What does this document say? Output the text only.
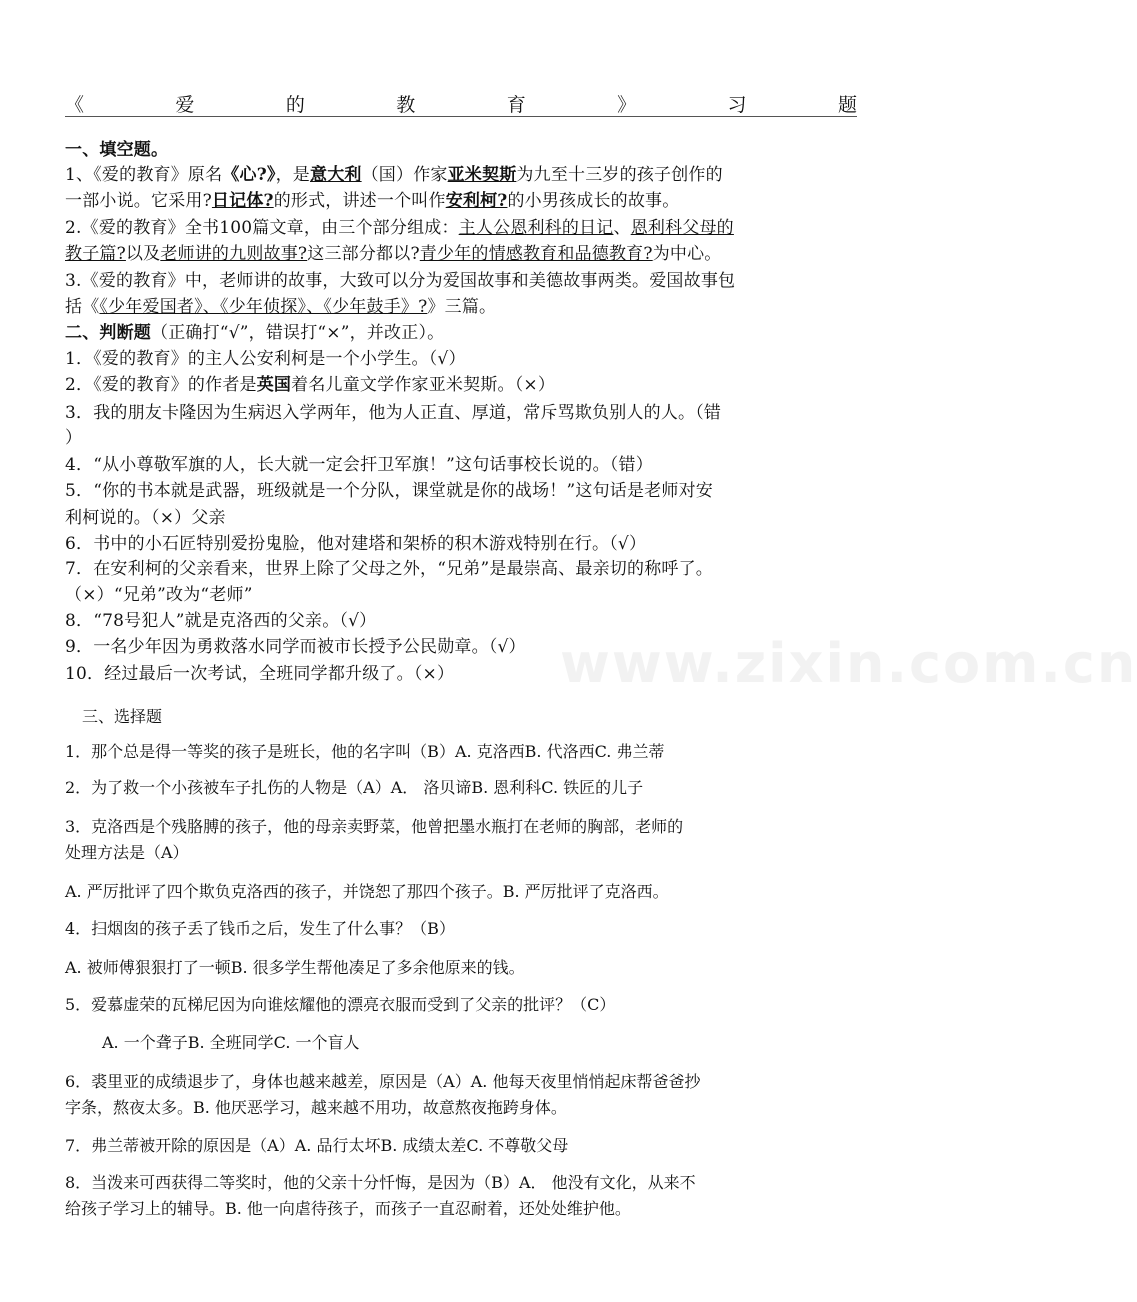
《	爱	的	教	育	》	习	题
一、填空题。
1、《爱的教育》原名《心?》，是意大利（国）作家亚米契斯为九至十三岁的孩子创作的
一部小说。它采用?日记体?的形式，讲述一个叫作安利柯?的小男孩成长的故事。
2.《爱的教育》全书100篇文章，由三个部分组成：主人公恩利科的日记、恩利科父母的
教子篇?以及老师讲的九则故事?这三部分都以?青少年的情感教育和品德教育?为中心。
3.《爱的教育》中，老师讲的故事，大致可以分为爱国故事和美德故事两类。爱国故事包
括《《少年爱国者》、《少年侦探》、《少年鼓手》?》三篇。
二、判断题（正确打“√”，错误打“×”，并改正）。
1．《爱的教育》的主人公安利柯是一个小学生。（√）
2．《爱的教育》的作者是英国着名儿童文学作家亚米契斯。（×）
3．我的朋友卡隆因为生病迟入学两年，他为人正直、厚道，常斥骂欺负别人的人。（错
）
4．“从小尊敬军旗的人，长大就一定会扞卫军旗！”这句话事校长说的。（错）
5．“你的书本就是武器，班级就是一个分队，课堂就是你的战场！”这句话是老师对安
利柯说的。（×）父亲
6．书中的小石匠特别爱扮鬼脸，他对建塔和架桥的积木游戏特别在行。（√）
7．在安利柯的父亲看来，世界上除了父母之外，“兄弟”是最崇高、最亲切的称呼了。
（×）“兄弟”改为“老师”
8．“78号犯人”就是克洛西的父亲。（√）
9．一名少年因为勇救落水同学而被市长授予公民勋章。（√）
10．经过最后一次考试，全班同学都升级了。（×）
三、选择题
1．那个总是得一等奖的孩子是班长，他的名字叫（B）A. 克洛西B. 代洛西C. 弗兰蒂
2．为了救一个小孩被车子扎伤的人物是（A）A． 洛贝谛B. 恩利科C. 铁匠的儿子
3．克洛西是个残胳膊的孩子，他的母亲卖野菜，他曾把墨水瓶打在老师的胸部，老师的
处理方法是（A）
A. 严厉批评了四个欺负克洛西的孩子，并饶恕了那四个孩子。B. 严厉批评了克洛西。
4．扫烟囱的孩子丢了钱币之后，发生了什么事？（B）
A. 被师傅狠狠打了一顿B. 很多学生帮他凑足了多余他原来的钱。
5．爱慕虚荣的瓦梯尼因为向谁炫耀他的漂亮衣服而受到了父亲的批评？（C）
A. 一个聋子B. 全班同学C. 一个盲人
6．裘里亚的成绩退步了，身体也越来越差，原因是（A）A. 他每天夜里悄悄起床帮爸爸抄
字条，熬夜太多。B. 他厌恶学习，越来越不用功，故意熬夜拖跨身体。
7．弗兰蒂被开除的原因是（A）A. 品行太坏B. 成绩太差C. 不尊敬父母
8．当泼来可西获得二等奖时，他的父亲十分忏悔，是因为（B）A． 他没有文化，从来不
给孩子学习上的辅导。B. 他一向虐待孩子，而孩子一直忍耐着，还处处维护他。
www.zixin.com.cn
